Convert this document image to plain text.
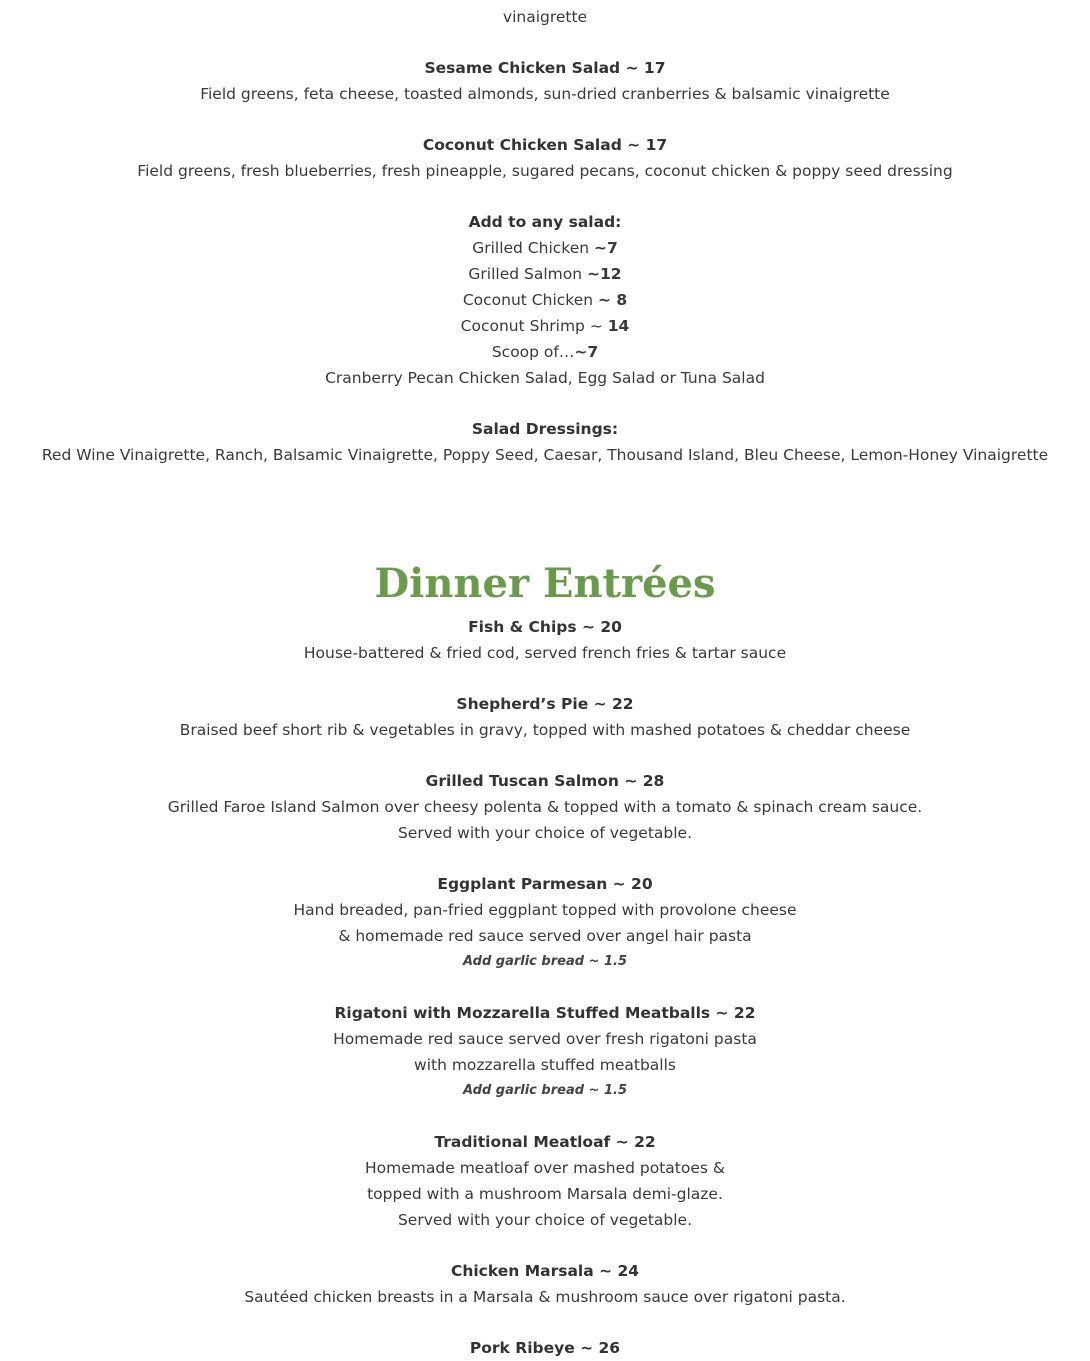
vinaigrette
Sesame Chicken Salad ~ 17
Field greens, feta cheese, toasted almonds, sun-dried cranberries & balsamic vinaigrette
Coconut Chicken Salad ~ 17
Field greens, fresh blueberries, fresh pineapple, sugared pecans, coconut chicken & poppy seed dressing
Add to any salad:
Grilled Chicken ~7
Grilled Salmon ~12
Coconut Chicken ~ 8
Coconut Shrimp ~ 14
Scoop of…~7
Cranberry Pecan Chicken Salad, Egg Salad or Tuna Salad
Salad Dressings:
Red Wine Vinaigrette, Ranch, Balsamic Vinaigrette, Poppy Seed, Caesar, Thousand Island, Bleu Cheese, Lemon-Honey Vinaigrette
Dinner Entrées
Fish & Chips ~ 20
House-battered & fried cod, served french fries & tartar sauce
Shepherd’s Pie ~ 22
Braised beef short rib & vegetables in gravy, topped with mashed potatoes & cheddar cheese
Grilled Tuscan Salmon ~ 28
Grilled Faroe Island Salmon over cheesy polenta & topped with a tomato & spinach cream sauce.
Served with your choice of vegetable.
Eggplant Parmesan ~ 20
Hand breaded, pan-fried eggplant topped with provolone cheese
& homemade red sauce served over angel hair pasta
Add garlic bread ~ 1.5
Rigatoni with Mozzarella Stuffed Meatballs ~ 22
Homemade red sauce served over fresh rigatoni pasta
with mozzarella stuffed meatballs
Add garlic bread ~ 1.5
Traditional Meatloaf ~ 22
Homemade meatloaf over mashed potatoes &
topped with a mushroom Marsala demi-glaze.
Served with your choice of vegetable.
Chicken Marsala ~ 24
Sautéed chicken breasts in a Marsala & mushroom sauce over rigatoni pasta.
Pork Ribeye ~ 26
